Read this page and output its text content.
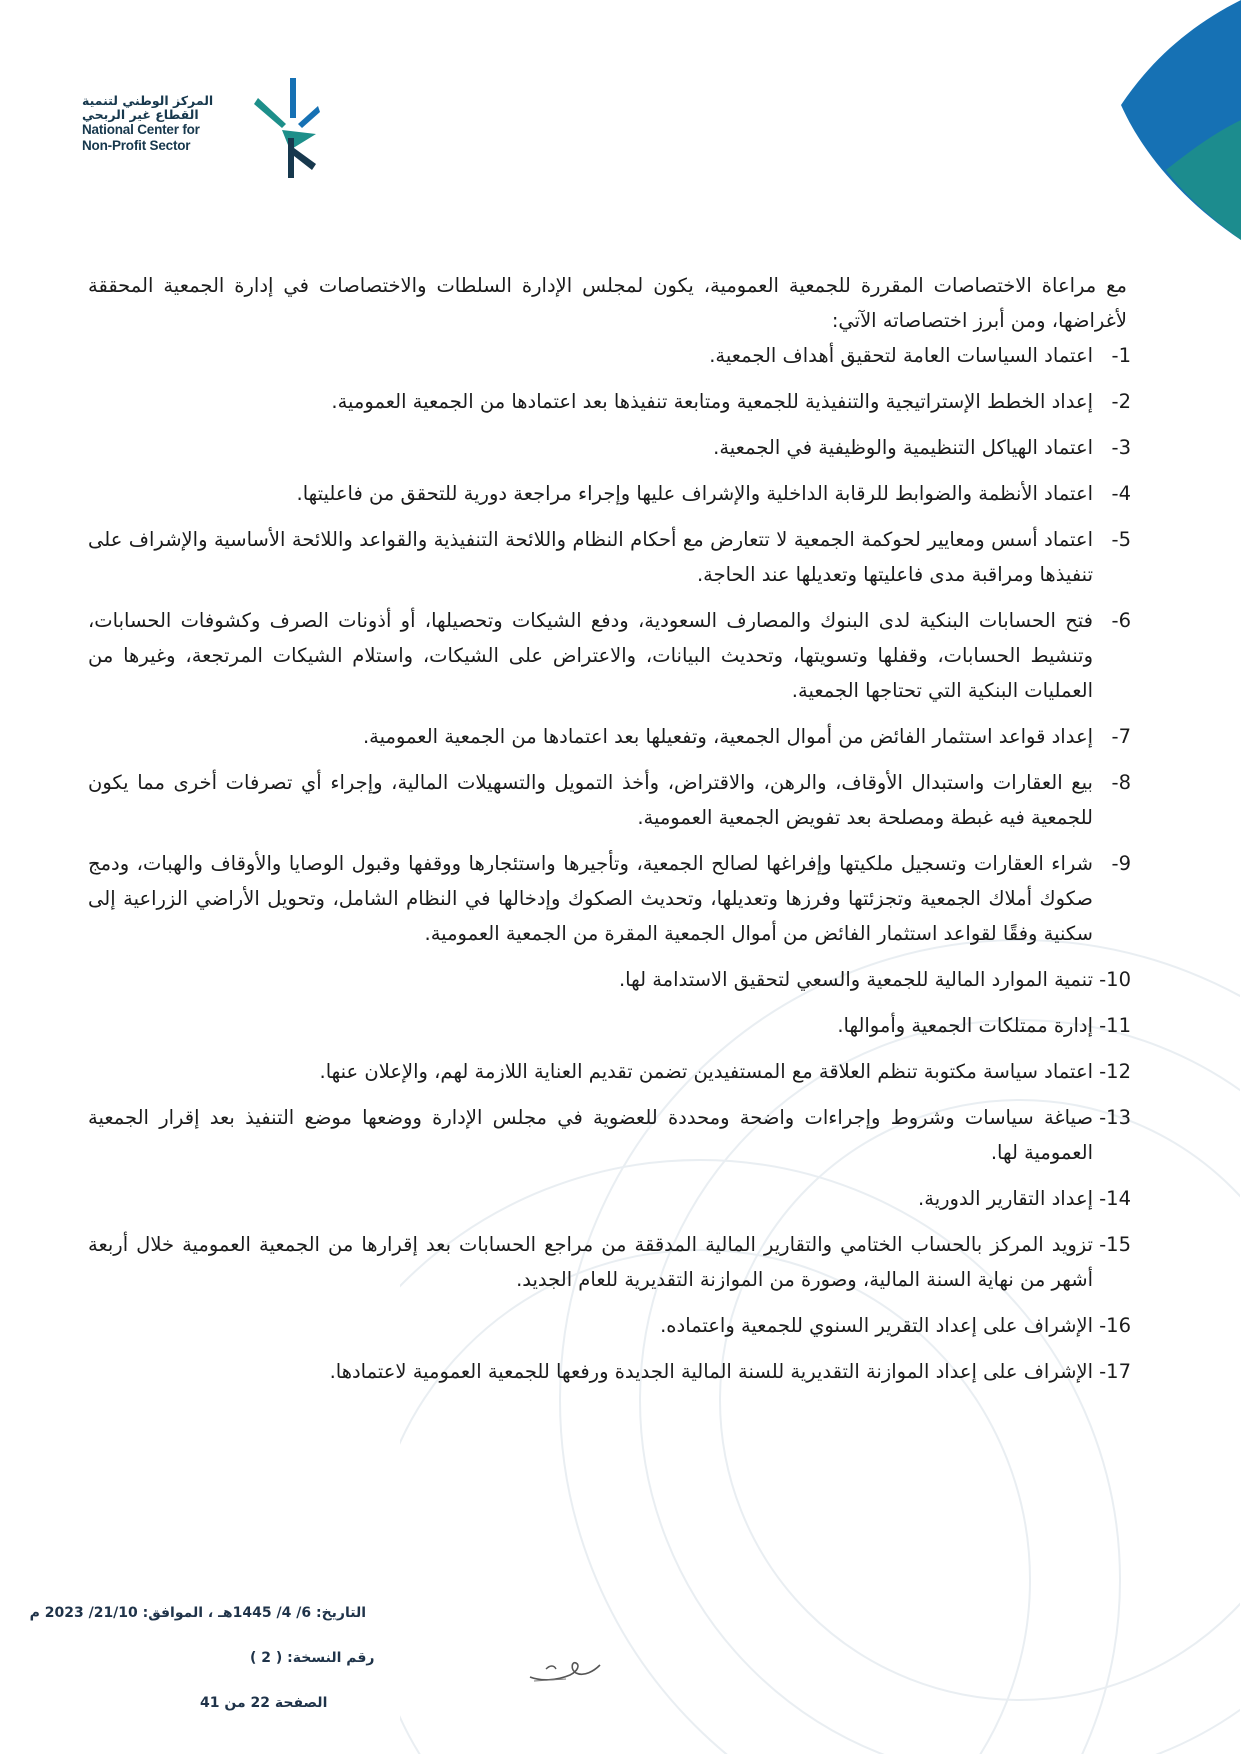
المركز الوطني لتنمية
القطاع غير الربحي
National Center for
Non-Profit Sector

مع مراعاة الاختصاصات المقررة للجمعية العمومية، يكون لمجلس الإدارة السلطات والاختصاصات في إدارة الجمعية المحققة لأغراضها، ومن أبرز اختصاصاته الآتي:

-1
اعتماد السياسات العامة لتحقيق أهداف الجمعية.
-2
إعداد الخطط الإستراتيجية والتنفيذية للجمعية ومتابعة تنفيذها بعد اعتمادها من الجمعية العمومية.
-3
اعتماد الهياكل التنظيمية والوظيفية في الجمعية.
-4
اعتماد الأنظمة والضوابط للرقابة الداخلية والإشراف عليها وإجراء مراجعة دورية للتحقق من فاعليتها.
-5
اعتماد أسس ومعايير لحوكمة الجمعية لا تتعارض مع أحكام النظام واللائحة التنفيذية والقواعد واللائحة الأساسية والإشراف على تنفيذها ومراقبة مدى فاعليتها وتعديلها عند الحاجة.
-6
فتح الحسابات البنكية لدى البنوك والمصارف السعودية، ودفع الشيكات وتحصيلها، أو أذونات الصرف وكشوفات الحسابات، وتنشيط الحسابات، وقفلها وتسويتها، وتحديث البيانات، والاعتراض على الشيكات، واستلام الشيكات المرتجعة، وغيرها من العمليات البنكية التي تحتاجها الجمعية.
-7
إعداد قواعد استثمار الفائض من أموال الجمعية، وتفعيلها بعد اعتمادها من الجمعية العمومية.
-8
بيع العقارات واستبدال الأوقاف، والرهن، والاقتراض، وأخذ التمويل والتسهيلات المالية، وإجراء أي تصرفات أخرى مما يكون للجمعية فيه غبطة ومصلحة بعد تفويض الجمعية العمومية.
-9
شراء العقارات وتسجيل ملكيتها وإفراغها لصالح الجمعية، وتأجيرها واستئجارها ووقفها وقبول الوصايا والأوقاف والهبات، ودمج صكوك أملاك الجمعية وتجزئتها وفرزها وتعديلها، وتحديث الصكوك وإدخالها في النظام الشامل، وتحويل الأراضي الزراعية إلى سكنية وفقًا لقواعد استثمار الفائض من أموال الجمعية المقرة من الجمعية العمومية.
-10
تنمية الموارد المالية للجمعية والسعي لتحقيق الاستدامة لها.
-11
إدارة ممتلكات الجمعية وأموالها.
-12
اعتماد سياسة مكتوبة تنظم العلاقة مع المستفيدين تضمن تقديم العناية اللازمة لهم، والإعلان عنها.
-13
صياغة سياسات وشروط وإجراءات واضحة ومحددة للعضوية في مجلس الإدارة ووضعها موضع التنفيذ بعد إقرار الجمعية العمومية لها.
-14
إعداد التقارير الدورية.
-15
تزويد المركز بالحساب الختامي والتقارير المالية المدققة من مراجع الحسابات بعد إقرارها من الجمعية العمومية خلال أربعة أشهر من نهاية السنة المالية، وصورة من الموازنة التقديرية للعام الجديد.
-16
الإشراف على إعداد التقرير السنوي للجمعية واعتماده.
-17
الإشراف على إعداد الموازنة التقديرية للسنة المالية الجديدة ورفعها للجمعية العمومية لاعتمادها.
التاريخ: 6/ 4/ 1445هـ ، الموافق: 21/10/ 2023 م
رقم النسخة: ( 2 )
الصفحة 22 من 41
